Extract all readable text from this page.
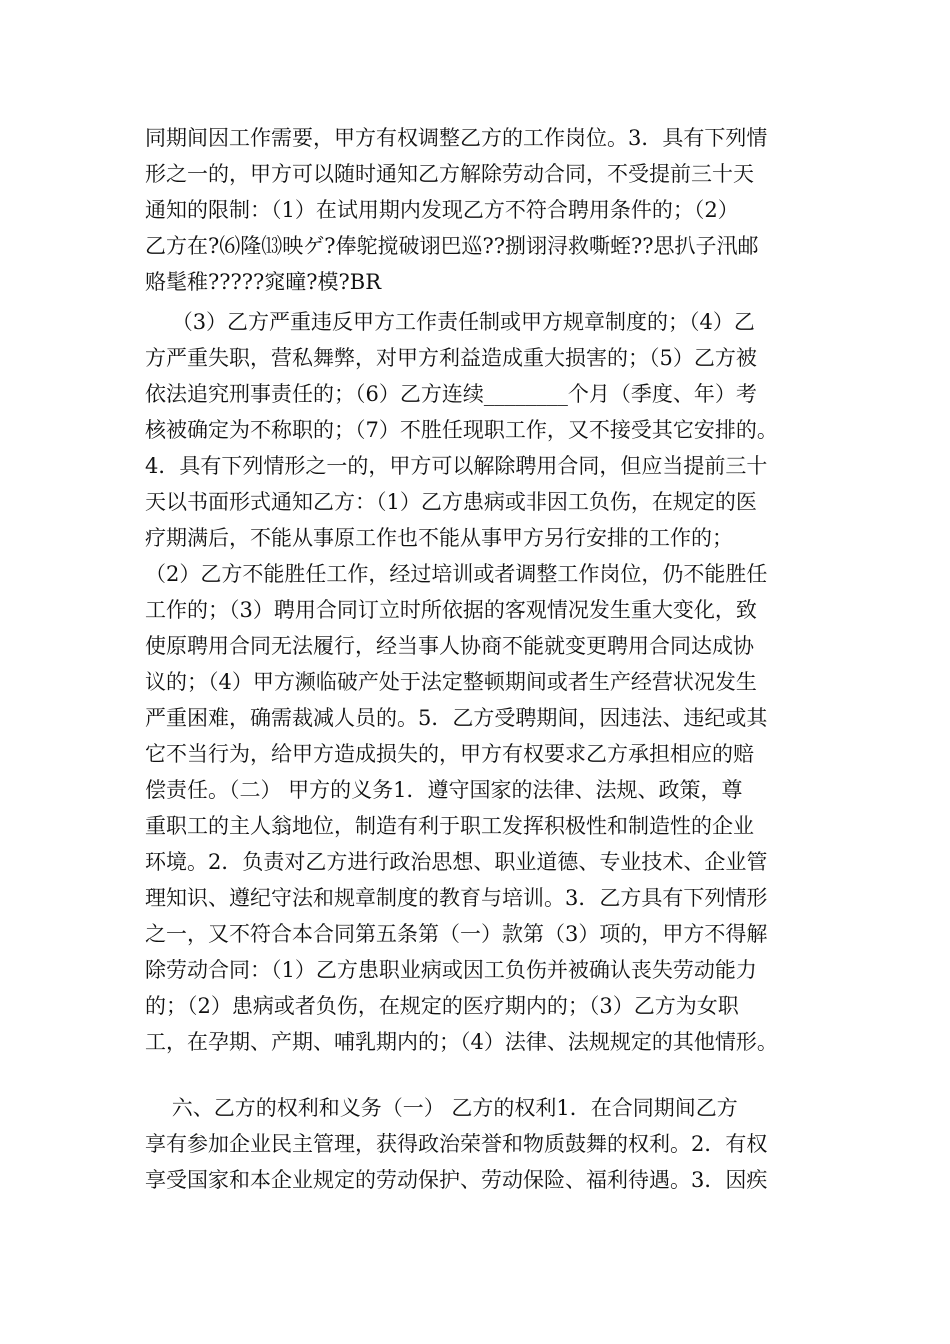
同期间因工作需要，甲方有权调整乙方的工作岗位。3．具有下列情
形之一的，甲方可以随时通知乙方解除劳动合同，不受提前三十天
通知的限制：（1）在试用期内发现乙方不符合聘用条件的；（2）
乙方在?⑹隆⒀映ゲ?俸鸵搅破诩巴巡??捌诩浔救嘶蛭??思扒子汛邮
赂髦稚?????窕曈?模?BR
（3）乙方严重违反甲方工作责任制或甲方规章制度的；（4）乙
方严重失职，营私舞弊，对甲方利益造成重大损害的；（5）乙方被
依法追究刑事责任的；（6）乙方连续________个月（季度、年）考
核被确定为不称职的；（7）不胜任现职工作，又不接受其它安排的。
4．具有下列情形之一的，甲方可以解除聘用合同，但应当提前三十
天以书面形式通知乙方：（1）乙方患病或非因工负伤，在规定的医
疗期满后，不能从事原工作也不能从事甲方另行安排的工作的；
（2）乙方不能胜任工作，经过培训或者调整工作岗位，仍不能胜任
工作的；（3）聘用合同订立时所依据的客观情况发生重大变化，致
使原聘用合同无法履行，经当事人协商不能就变更聘用合同达成协
议的；（4）甲方濒临破产处于法定整顿期间或者生产经营状况发生
严重困难，确需裁减人员的。5．乙方受聘期间，因违法、违纪或其
它不当行为，给甲方造成损失的，甲方有权要求乙方承担相应的赔
偿责任。（二） 甲方的义务1．遵守国家的法律、法规、政策，尊
重职工的主人翁地位，制造有利于职工发挥积极性和制造性的企业
环境。2．负责对乙方进行政治思想、职业道德、专业技术、企业管
理知识、遵纪守法和规章制度的教育与培训。3．乙方具有下列情形
之一，又不符合本合同第五条第（一）款第（3）项的，甲方不得解
除劳动合同：（1）乙方患职业病或因工负伤并被确认丧失劳动能力
的；（2）患病或者负伤，在规定的医疗期内的；（3）乙方为女职
工，在孕期、产期、哺乳期内的；（4）法律、法规规定的其他情形。
六、乙方的权利和义务（一） 乙方的权利1．在合同期间乙方
享有参加企业民主管理，获得政治荣誉和物质鼓舞的权利。2．有权
享受国家和本企业规定的劳动保护、劳动保险、福利待遇。3．因疾
